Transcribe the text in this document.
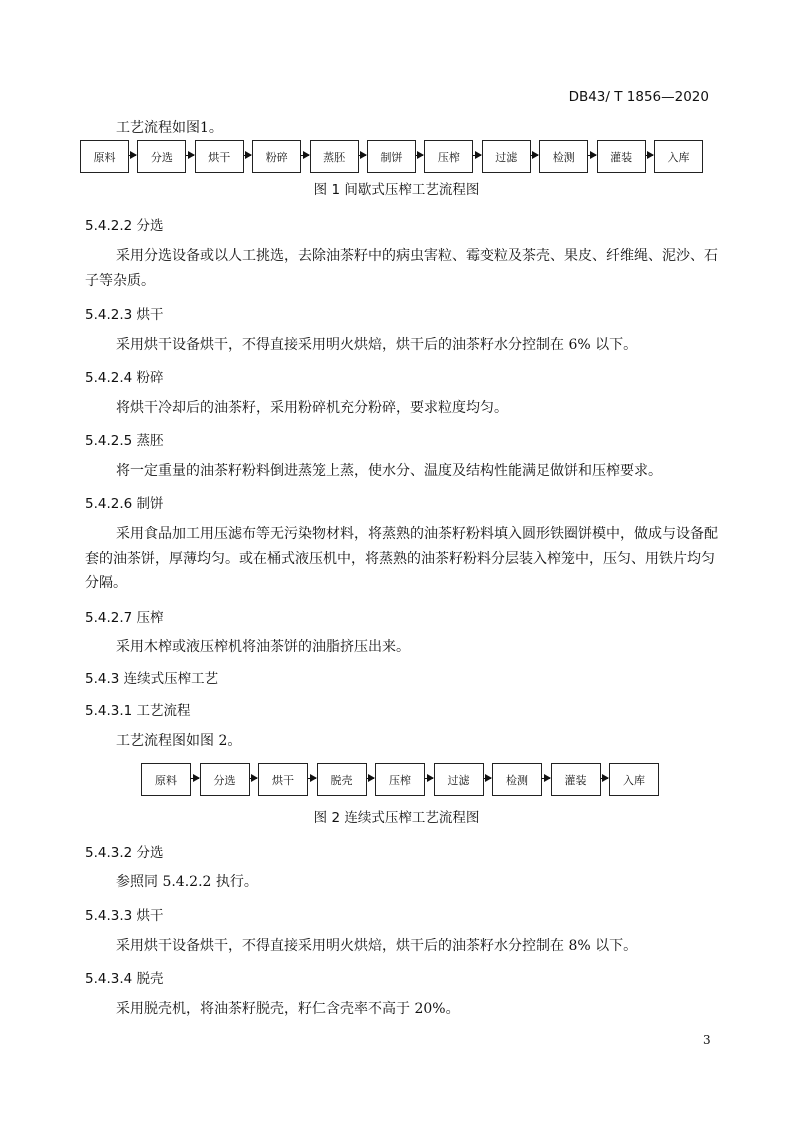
DB43/ T 1856—2020
工艺流程如图1。
原料	分选	烘干	粉碎	蒸胚	制饼	压榨	过滤	检测	灌装	入库
图 1 间歇式压榨工艺流程图
5.4.2.2 分选
采用分选设备或以人工挑选，去除油茶籽中的病虫害粒、霉变粒及茶壳、果皮、纤维绳、泥沙、石
子等杂质。
5.4.2.3 烘干
采用烘干设备烘干，不得直接采用明火烘焙，烘干后的油茶籽水分控制在 6% 以下。
5.4.2.4 粉碎
将烘干冷却后的油茶籽，采用粉碎机充分粉碎，要求粒度均匀。
5.4.2.5 蒸胚
将一定重量的油茶籽粉料倒进蒸笼上蒸，使水分、温度及结构性能满足做饼和压榨要求。
5.4.2.6 制饼
采用食品加工用压滤布等无污染物材料，将蒸熟的油茶籽粉料填入圆形铁圈饼模中，做成与设备配
套的油茶饼，厚薄均匀。或在桶式液压机中，将蒸熟的油茶籽粉料分层装入榨笼中，压匀、用铁片均匀
分隔。
5.4.2.7 压榨
采用木榨或液压榨机将油茶饼的油脂挤压出来。
5.4.3 连续式压榨工艺
5.4.3.1 工艺流程
工艺流程图如图 2。
原料	分选	烘干	脱壳	压榨	过滤	检测	灌装	入库
图 2 连续式压榨工艺流程图
5.4.3.2 分选
参照同 5.4.2.2 执行。
5.4.3.3 烘干
采用烘干设备烘干，不得直接采用明火烘焙，烘干后的油茶籽水分控制在 8% 以下。
5.4.3.4 脱壳
采用脱壳机，将油茶籽脱壳，籽仁含壳率不高于 20%。
3
